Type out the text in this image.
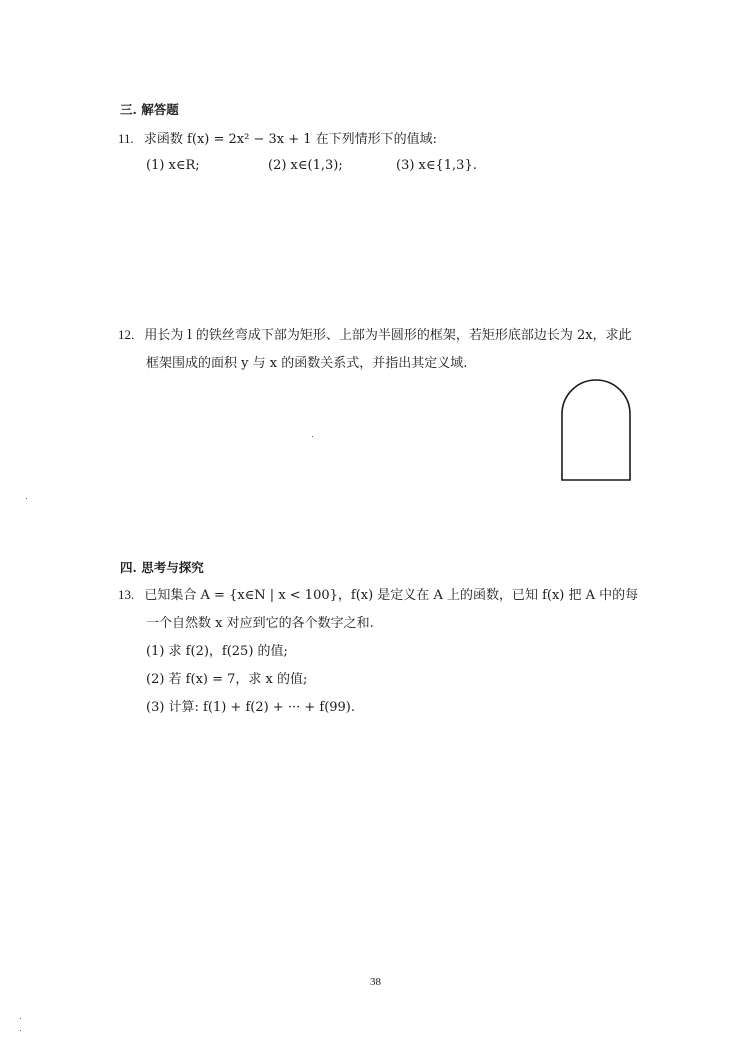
三. 解答题
11. 求函数 f(x) = 2x² − 3x + 1 在下列情形下的值域:
(1) x∈R;	(2) x∈(1,3);	(3) x∈{1,3}.
12. 用长为 l 的铁丝弯成下部为矩形、上部为半圆形的框架，若矩形底部边长为 2x，求此
框架围成的面积 y 与 x 的函数关系式，并指出其定义域.
四. 思考与探究
13. 已知集合 A = {x∈N | x < 100}，f(x) 是定义在 A 上的函数，已知 f(x) 把 A 中的每
一个自然数 x 对应到它的各个数字之和.
(1) 求 f(2)，f(25) 的值;
(2) 若 f(x) = 7，求 x 的值;
(3) 计算: f(1) + f(2) + ··· + f(99).
38
